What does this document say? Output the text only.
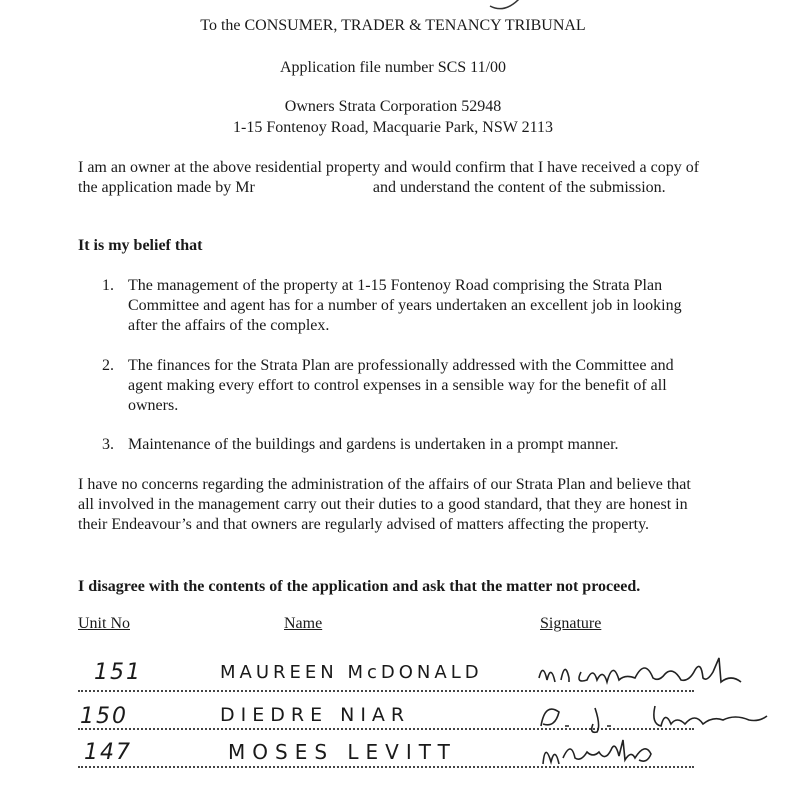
To the CONSUMER, TRADER & TENANCY TRIBUNAL
Application file number SCS 11/00
Owners Strata Corporation 52948
1-15 Fontenoy Road, Macquarie Park, NSW 2113
I am an owner at the above residential property and would confirm that I have received a copy of the application made by Mr	and understand the content of the submission.
It is my belief that
1. The management of the property at 1-15 Fontenoy Road comprising the Strata Plan Committee and agent has for a number of years undertaken an excellent job in looking after the affairs of the complex.
2. The finances for the Strata Plan are professionally addressed with the Committee and agent making every effort to control expenses in a sensible way for the benefit of all owners.
3. Maintenance of the buildings and gardens is undertaken in a prompt manner.
I have no concerns regarding the administration of the affairs of our Strata Plan and believe that all involved in the management carry out their duties to a good standard, that they are honest in their Endeavour’s and that owners are regularly advised of matters affecting the property.
I disagree with the contents of the application and ask that the matter not proceed.
Unit No	Name	Signature
151	MAUREEN McDONALD
150	DIEDRE NIAR
147	MOSES LEVITT
